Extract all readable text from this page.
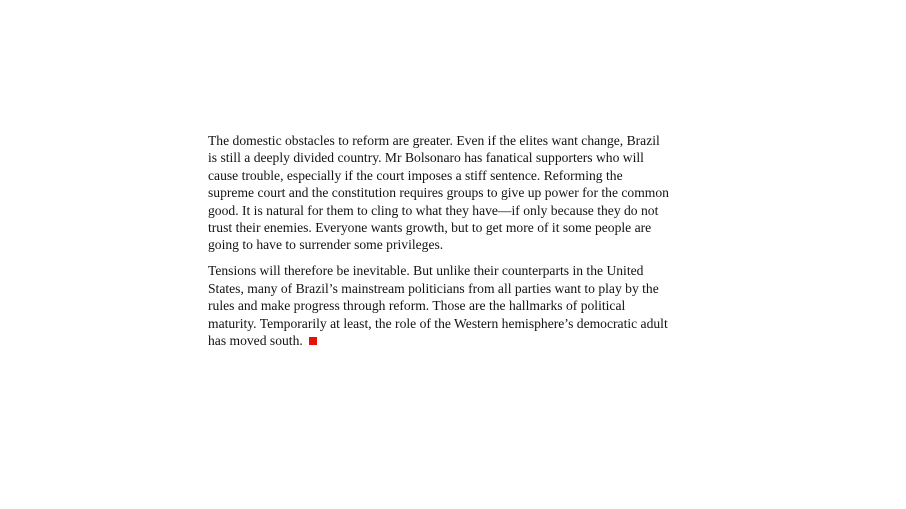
The domestic obstacles to reform are greater. Even if the elites want change, Brazil is still a deeply divided country. Mr Bolsonaro has fanatical supporters who will cause trouble, especially if the court imposes a stiff sentence. Reforming the supreme court and the constitution requires groups to give up power for the common good. It is natural for them to cling to what they have—if only because they do not trust their enemies. Everyone wants growth, but to get more of it some people are going to have to surrender some privileges.

Tensions will therefore be inevitable. But unlike their counterparts in the United States, many of Brazil’s mainstream politicians from all parties want to play by the rules and make progress through reform. Those are the hallmarks of political maturity. Temporarily at least, the role of the Western hemisphere’s democratic adult has moved south.
